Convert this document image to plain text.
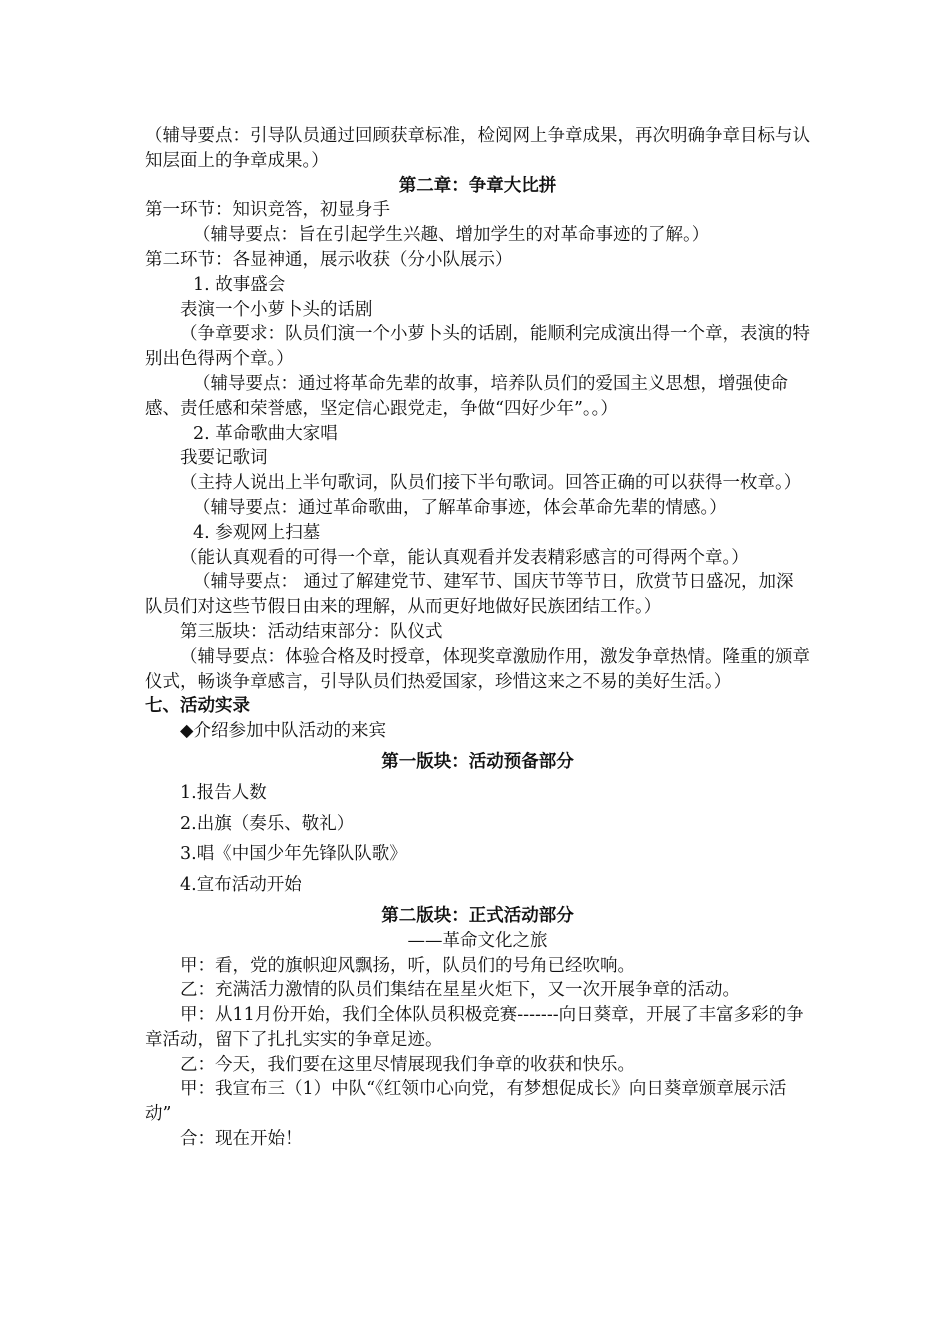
（辅导要点：引导队员通过回顾获章标准，检阅网上争章成果，再次明确争章目标与认知层面上的争章成果。）

第二章：争章大比拼

第一环节：知识竞答，初显身手

（辅导要点：旨在引起学生兴趣、增加学生的对革命事迹的了解。）

第二环节：各显神通，展示收获（分小队展示）

1. 故事盛会

表演一个小萝卜头的话剧

（争章要求：队员们演一个小萝卜头的话剧，能顺利完成演出得一个章，表演的特别出色得两个章。）

（辅导要点：通过将革命先辈的故事，培养队员们的爱国主义思想，增强使命感、责任感和荣誉感，坚定信心跟党走，争做“四好少年”。。）

2. 革命歌曲大家唱

我要记歌词

（主持人说出上半句歌词，队员们接下半句歌词。回答正确的可以获得一枚章。）

（辅导要点：通过革命歌曲，了解革命事迹，体会革命先辈的情感。）

4. 参观网上扫墓

（能认真观看的可得一个章，能认真观看并发表精彩感言的可得两个章。）

（辅导要点： 通过了解建党节、建军节、国庆节等节日，欣赏节日盛况，加深队员们对这些节假日由来的理解，从而更好地做好民族团结工作。）

第三版块：活动结束部分：队仪式

（辅导要点：体验合格及时授章，体现奖章激励作用，激发争章热情。隆重的颁章仪式，畅谈争章感言，引导队员们热爱国家，珍惜这来之不易的美好生活。）

七、活动实录

◆介绍参加中队活动的来宾

第一版块：活动预备部分

1.报告人数

2.出旗（奏乐、敬礼）

3.唱《中国少年先锋队队歌》

4.宣布活动开始

第二版块：正式活动部分

——革命文化之旅

甲：看，党的旗帜迎风飘扬，听，队员们的号角已经吹响。

乙：充满活力激情的队员们集结在星星火炬下，又一次开展争章的活动。

甲：从11月份开始，我们全体队员积极竞赛-------向日葵章，开展了丰富多彩的争章活动，留下了扎扎实实的争章足迹。

乙：今天，我们要在这里尽情展现我们争章的收获和快乐。

甲：我宣布三（1）中队“《红领巾心向党，有梦想促成长》向日葵章颁章展示活动”

合：现在开始！
